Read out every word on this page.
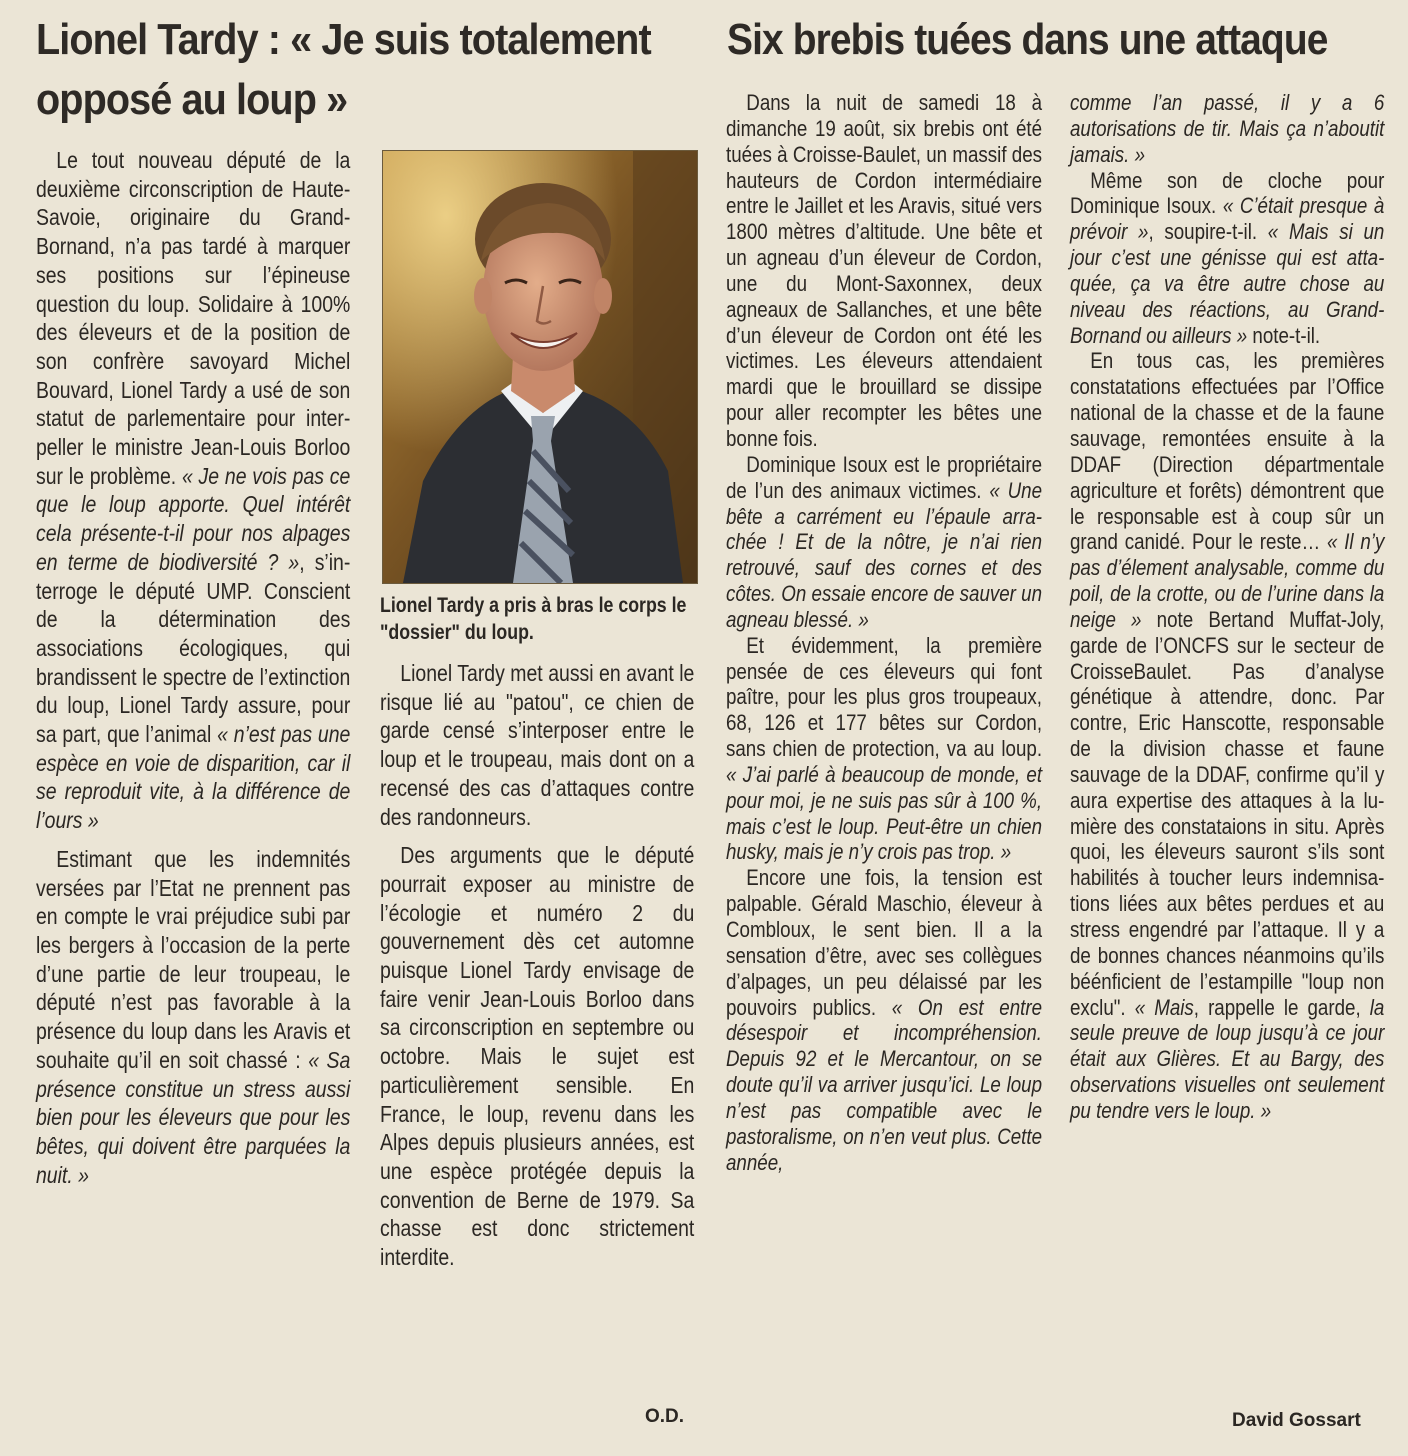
Lionel Tardy : « Je suis totalement opposé au loup »
Six brebis tuées dans une attaque

Le tout nouveau député de la deuxième circonscription de Haute-Savoie, originaire du Grand-Bornand, n’a pas tardé à marquer ses positions sur l’épineuse question du loup. Solidaire à 100% des éleveurs et de la position de son confrère savoyard Michel Bouvard, Lionel Tardy a usé de son statut de parlementaire pour interpeller le ministre Jean-Louis Borloo sur le problème. « Je ne vois pas ce que le loup apporte. Quel intérêt cela présente-t-il pour nos alpages en terme de biodiversité ? », s’interroge le député UMP. Conscient de la détermination des associations écologiques, qui brandissent le spectre de l’extinction du loup, Lionel Tardy assure, pour sa part, que l’animal « n’est pas une espèce en voie de disparition, car il se reproduit vite, à la différence de l’ours »

Estimant que les indemnités versées par l’Etat ne prennent pas en compte le vrai préjudice subi par les bergers à l’occasion de la perte d’une partie de leur troupeau, le député n’est pas favorable à la présence du loup dans les Aravis et souhaite qu’il en soit chassé : « Sa présence constitue un stress aussi bien pour les éleveurs que pour les bêtes, qui doivent être parquées la nuit. »

Lionel Tardy a pris à bras le corps le "dossier" du loup.

Lionel Tardy met aussi en avant le risque lié au "patou", ce chien de garde censé s’interposer entre le loup et le troupeau, mais dont on a recensé des cas d’attaques contre des randonneurs.

Des arguments que le député pourrait exposer au ministre de l’écologie et numéro 2 du gouvernement dès cet automne puisque Lionel Tardy envisage de faire venir Jean-Louis Borloo dans sa circonscription en septembre ou octobre. Mais le sujet est particulièrement sensible. En France, le loup, revenu dans les Alpes depuis plusieurs années, est une espèce protégée depuis la convention de Berne de 1979. Sa chasse est donc strictement interdite.

O.D.

Dans la nuit de samedi 18 à dimanche 19 août, six brebis ont été tuées à Croisse-Baulet, un massif des hauteurs de Cordon intermédiaire entre le Jaillet et les Aravis, situé vers 1800 mètres d’altitude. Une bête et un agneau d’un éleveur de Cordon, une du Mont-Saxonnex, deux agneaux de Sallanches, et une bête d’un éleveur de Cordon ont été les victimes. Les éleveurs attendaient mardi que le brouillard se dissipe pour aller recompter les bêtes une bonne fois.

Dominique Isoux est le propriétaire de l’un des animaux victimes. « Une bête a carrément eu l’épaule arrachée ! Et de la nôtre, je n’ai rien retrouvé, sauf des cornes et des côtes. On essaie encore de sauver un agneau blessé. »

Et évidemment, la première pensée de ces éleveurs qui font paître, pour les plus gros troupeaux, 68, 126 et 177 bêtes sur Cordon, sans chien de protection, va au loup. « J’ai parlé à beaucoup de monde, et pour moi, je ne suis pas sûr à 100 %, mais c’est le loup. Peut-être un chien husky, mais je n’y crois pas trop. »

Encore une fois, la tension est palpable. Gérald Maschio, éleveur à Combloux, le sent bien. Il a la sensation d’être, avec ses collègues d’alpages, un peu délaissé par les pouvoirs publics. « On est entre désespoir et incompréhension. Depuis 92 et le Mercantour, on se doute qu’il va arriver jusqu’ici. Le loup n’est pas compatible avec le pastoralisme, on n’en veut plus. Cette année,

comme l’an passé, il y a 6 autorisations de tir. Mais ça n’aboutit jamais. »

Même son de cloche pour Dominique Isoux. « C’était presque à prévoir », soupire-t-il. « Mais si un jour c’est une génisse qui est attaquée, ça va être autre chose au niveau des réactions, au Grand-Bornand ou ailleurs » note-t-il.

En tous cas, les premières constatations effectuées par l’Office national de la chasse et de la faune sauvage, remontées ensuite à la DDAF (Direction départmentale agriculture et forêts) démontrent que le responsable est à coup sûr un grand canidé. Pour le reste… « Il n’y pas d’élement analysable, comme du poil, de la crotte, ou de l’urine dans la neige » note Bertand Muffat-Joly, garde de l’ONCFS sur le secteur de CroisseBaulet. Pas d’analyse génétique à attendre, donc. Par contre, Eric Hanscotte, responsable de la division chasse et faune sauvage de la DDAF, confirme qu’il y aura expertise des attaques à la lumière des constataions in situ. Après quoi, les éleveurs sauront s’ils sont habilités à toucher leurs indemnisations liées aux bêtes perdues et au stress engendré par l’attaque. Il y a de bonnes chances néanmoins qu’ils béénficient de l’estampille "loup non exclu". « Mais, rappelle le garde, la seule preuve de loup jusqu’à ce jour était aux Glières. Et au Bargy, des observations visuelles ont seulement pu tendre vers le loup. »

David Gossart
